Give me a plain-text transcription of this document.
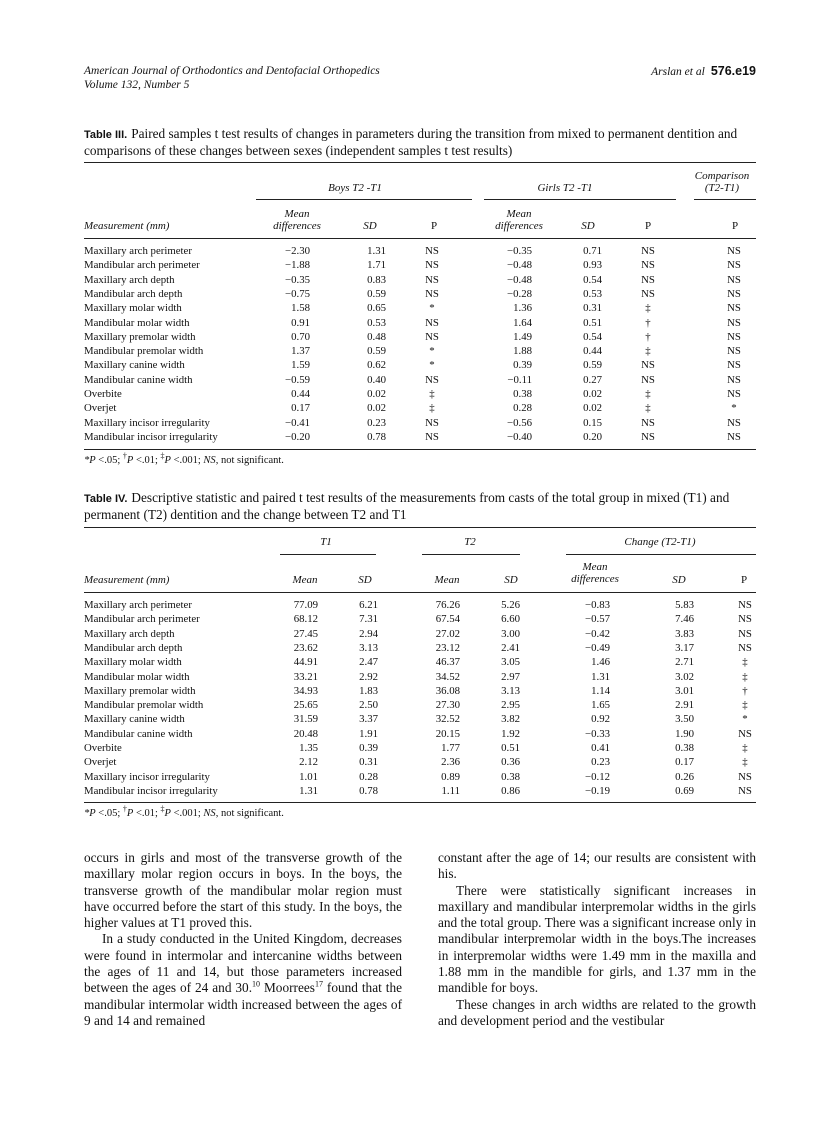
American Journal of Orthodontics and Dentofacial Orthopedics
Volume 132, Number 5
Arslan et al 576.e19
Table III. Paired samples t test results of changes in parameters during the transition from mixed to permanent dentition and comparisons of these changes between sexes (independent samples t test results)
Boys T2 -T1	Girls T2 -T1
Comparison (T2-T1)
Measurement (mm)
Mean differences	SD	P
Mean differences	SD	P	P
Maxillary arch perimeter	−2.30	1.31	NS	−0.35	0.71	NS	NS
Mandibular arch perimeter	−1.88	1.71	NS	−0.48	0.93	NS	NS
Maxillary arch depth	−0.35	0.83	NS	−0.48	0.54	NS	NS
Mandibular arch depth	−0.75	0.59	NS	−0.28	0.53	NS	NS
Maxillary molar width	1.58	0.65	*	1.36	0.31	‡	NS
Mandibular molar width	0.91	0.53	NS	1.64	0.51	†	NS
Maxillary premolar width	0.70	0.48	NS	1.49	0.54	†	NS
Mandibular premolar width	1.37	0.59	*	1.88	0.44	‡	NS
Maxillary canine width	1.59	0.62	*	0.39	0.59	NS	NS
Mandibular canine width	−0.59	0.40	NS	−0.11	0.27	NS	NS
Overbite	0.44	0.02	‡	0.38	0.02	‡	NS
Overjet	0.17	0.02	‡	0.28	0.02	‡	*
Maxillary incisor irregularity	−0.41	0.23	NS	−0.56	0.15	NS	NS
Mandibular incisor irregularity	−0.20	0.78	NS	−0.40	0.20	NS	NS
*P <.05; †P <.01; ‡P <.001; NS, not significant.
Table IV. Descriptive statistic and paired t test results of the measurements from casts of the total group in mixed (T1) and permanent (T2) dentition and the change between T2 and T1
T1	T2	Change (T2-T1)
Measurement (mm)	Mean	SD	Mean	SD
Mean differences	SD	P
Maxillary arch perimeter	77.09	6.21	76.26	5.26	−0.83	5.83	NS
Mandibular arch perimeter	68.12	7.31	67.54	6.60	−0.57	7.46	NS
Maxillary arch depth	27.45	2.94	27.02	3.00	−0.42	3.83	NS
Mandibular arch depth	23.62	3.13	23.12	2.41	−0.49	3.17	NS
Maxillary molar width	44.91	2.47	46.37	3.05	1.46	2.71	‡
Mandibular molar width	33.21	2.92	34.52	2.97	1.31	3.02	‡
Maxillary premolar width	34.93	1.83	36.08	3.13	1.14	3.01	†
Mandibular premolar width	25.65	2.50	27.30	2.95	1.65	2.91	‡
Maxillary canine width	31.59	3.37	32.52	3.82	0.92	3.50	*
Mandibular canine width	20.48	1.91	20.15	1.92	−0.33	1.90	NS
Overbite	1.35	0.39	1.77	0.51	0.41	0.38	‡
Overjet	2.12	0.31	2.36	0.36	0.23	0.17	‡
Maxillary incisor irregularity	1.01	0.28	0.89	0.38	−0.12	0.26	NS
Mandibular incisor irregularity	1.31	0.78	1.11	0.86	−0.19	0.69	NS
*P <.05; †P <.01; ‡P <.001; NS, not significant.

occurs in girls and most of the transverse growth of the maxillary molar region occurs in boys. In the boys, the transverse growth of the mandibular molar region must have occurred before the start of this study. In the boys, the higher values at T1 proved this.

In a study conducted in the United Kingdom, decreases were found in intermolar and intercanine widths between the ages of 11 and 14, but those parameters increased between the ages of 24 and 30.10 Moorrees$^{17}$ found that the mandibular intermolar width increased between the ages of 9 and 14 and remained

constant after the age of 14; our results are consistent with his.

There were statistically significant increases in maxillary and mandibular interpremolar widths in the girls and the total group. There was a significant increase only in mandibular interpremolar width in the boys.The increases in interpremolar widths were 1.49 mm in the maxilla and 1.88 mm in the mandible for girls, and 1.37 mm in the mandible for boys.

These changes in arch widths are related to the growth and development period and the vestibular
